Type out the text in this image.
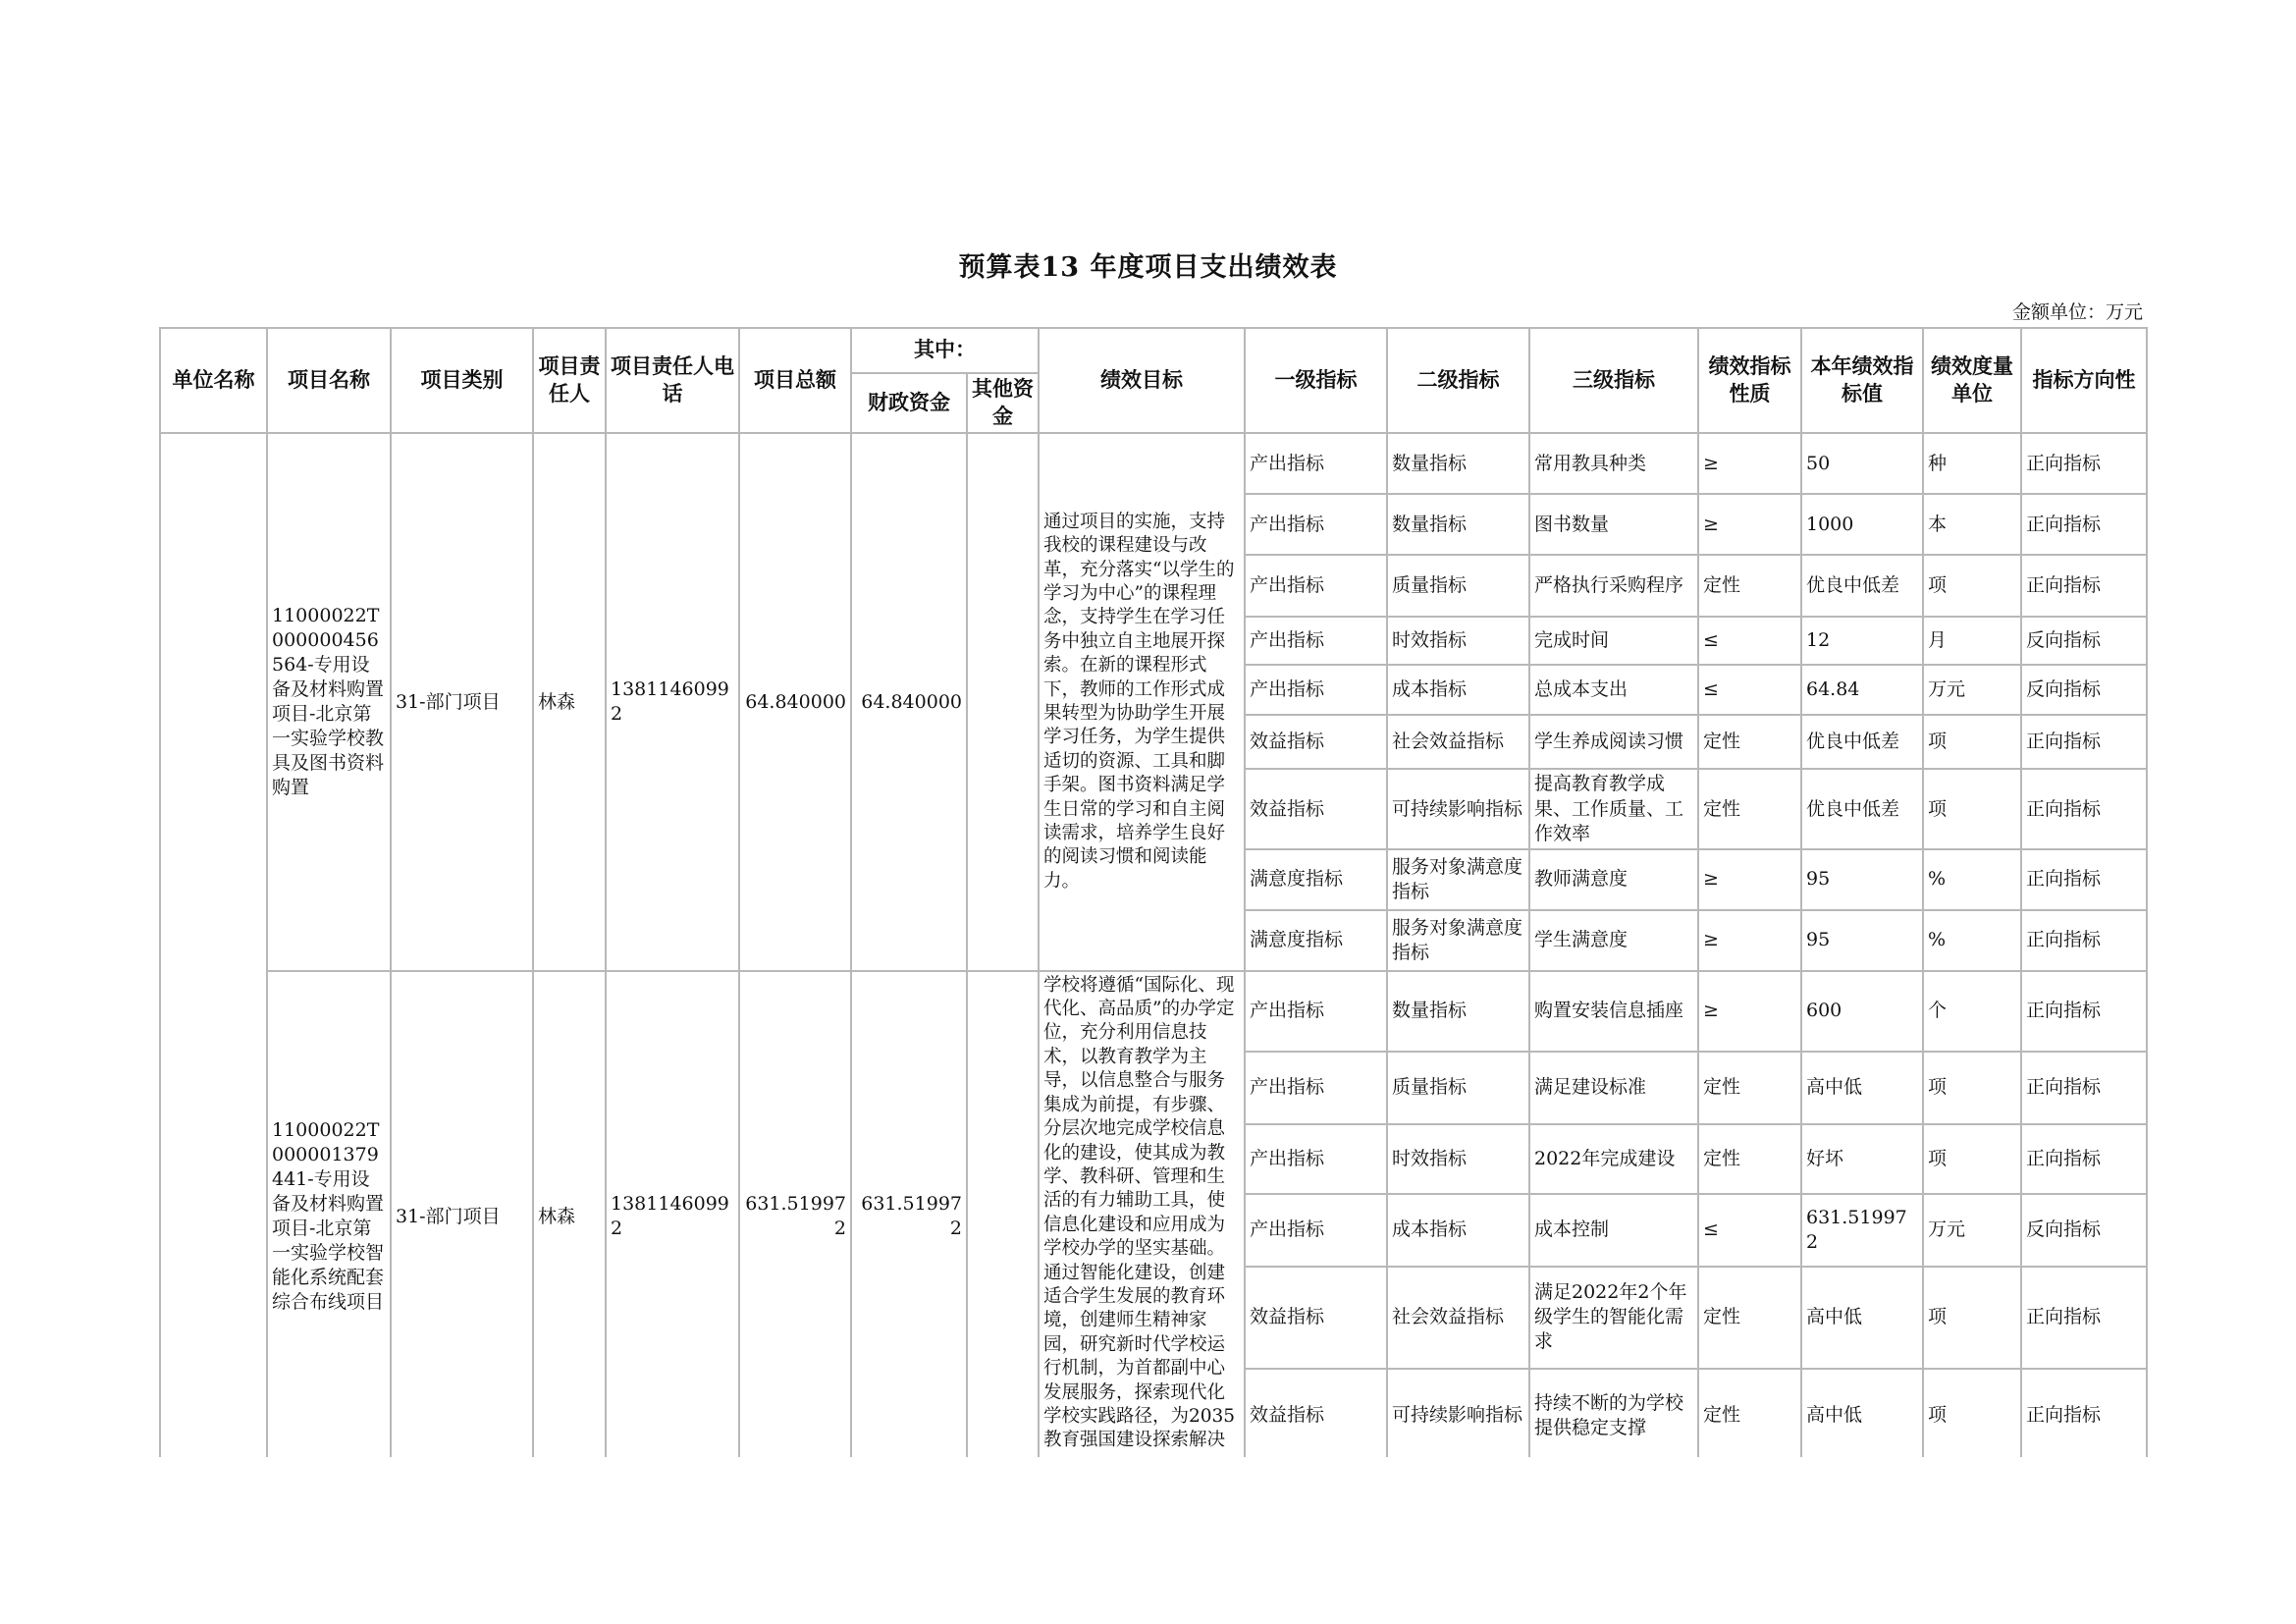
预算表13 年度项目支出绩效表
金额单位：万元
单位名称	项目名称	项目类别	项目责任人	项目责任人电话	项目总额	其中：		绩效目标	一级指标	二级指标	三级指标	绩效指标性质	本年绩效指标值	绩效度量单位	指标方向性
						财政资金	其他资金								
	11000022T000000456564-专用设备及材料购置项目-北京第一实验学校教具及图书资料购置	31-部门项目	林森	13811460992	64.840000	64.840000		通过项目的实施，支持我校的课程建设与改革，充分落实“以学生的学习为中心”的课程理念，支持学生在学习任务中独立自主地展开探索。在新的课程形式下，教师的工作形式成果转型为协助学生开展学习任务，为学生提供适切的资源、工具和脚手架。图书资料满足学生日常的学习和自主阅读需求，培养学生良好的阅读习惯和阅读能力。	产出指标	数量指标	常用教具种类	≥	50	种	正向指标
									产出指标	数量指标	图书数量	≥	1000	本	正向指标
									产出指标	质量指标	严格执行采购程序	定性	优良中低差	项	正向指标
									产出指标	时效指标	完成时间	≤	12	月	反向指标
									产出指标	成本指标	总成本支出	≤	64.84	万元	反向指标
									效益指标	社会效益指标	学生养成阅读习惯	定性	优良中低差	项	正向指标
									效益指标	可持续影响指标	提高教育教学成果、工作质量、工作效率	定性	优良中低差	项	正向指标
									满意度指标	服务对象满意度指标	教师满意度	≥	95	%	正向指标
									满意度指标	服务对象满意度指标	学生满意度	≥	95	%	正向指标
	11000022T000001379441-专用设备及材料购置项目-北京第一实验学校智能化系统配套综合布线项目	31-部门项目	林森	13811460992	631.519972	631.519972		学校将遵循“国际化、现代化、高品质”的办学定位，充分利用信息技术，以教育教学为主导，以信息整合与服务集成为前提，有步骤、分层次地完成学校信息化的建设，使其成为教学、教科研、管理和生活的有力辅助工具，使信息化建设和应用成为学校办学的坚实基础。通过智能化建设，创建适合学生发展的教育环境，创建师生精神家园，研究新时代学校运行机制，为首都副中心发展服务，探索现代化学校实践路径，为2035教育强国建设探索解决	产出指标	数量指标	购置安装信息插座	≥	600	个	正向指标
									产出指标	质量指标	满足建设标准	定性	高中低	项	正向指标
									产出指标	时效指标	2022年完成建设	定性	好坏	项	正向指标
									产出指标	成本指标	成本控制	≤	631.519972	万元	反向指标
									效益指标	社会效益指标	满足2022年2个年级学生的智能化需求	定性	高中低	项	正向指标
									效益指标	可持续影响指标	持续不断的为学校提供稳定支撑	定性	高中低	项	正向指标
